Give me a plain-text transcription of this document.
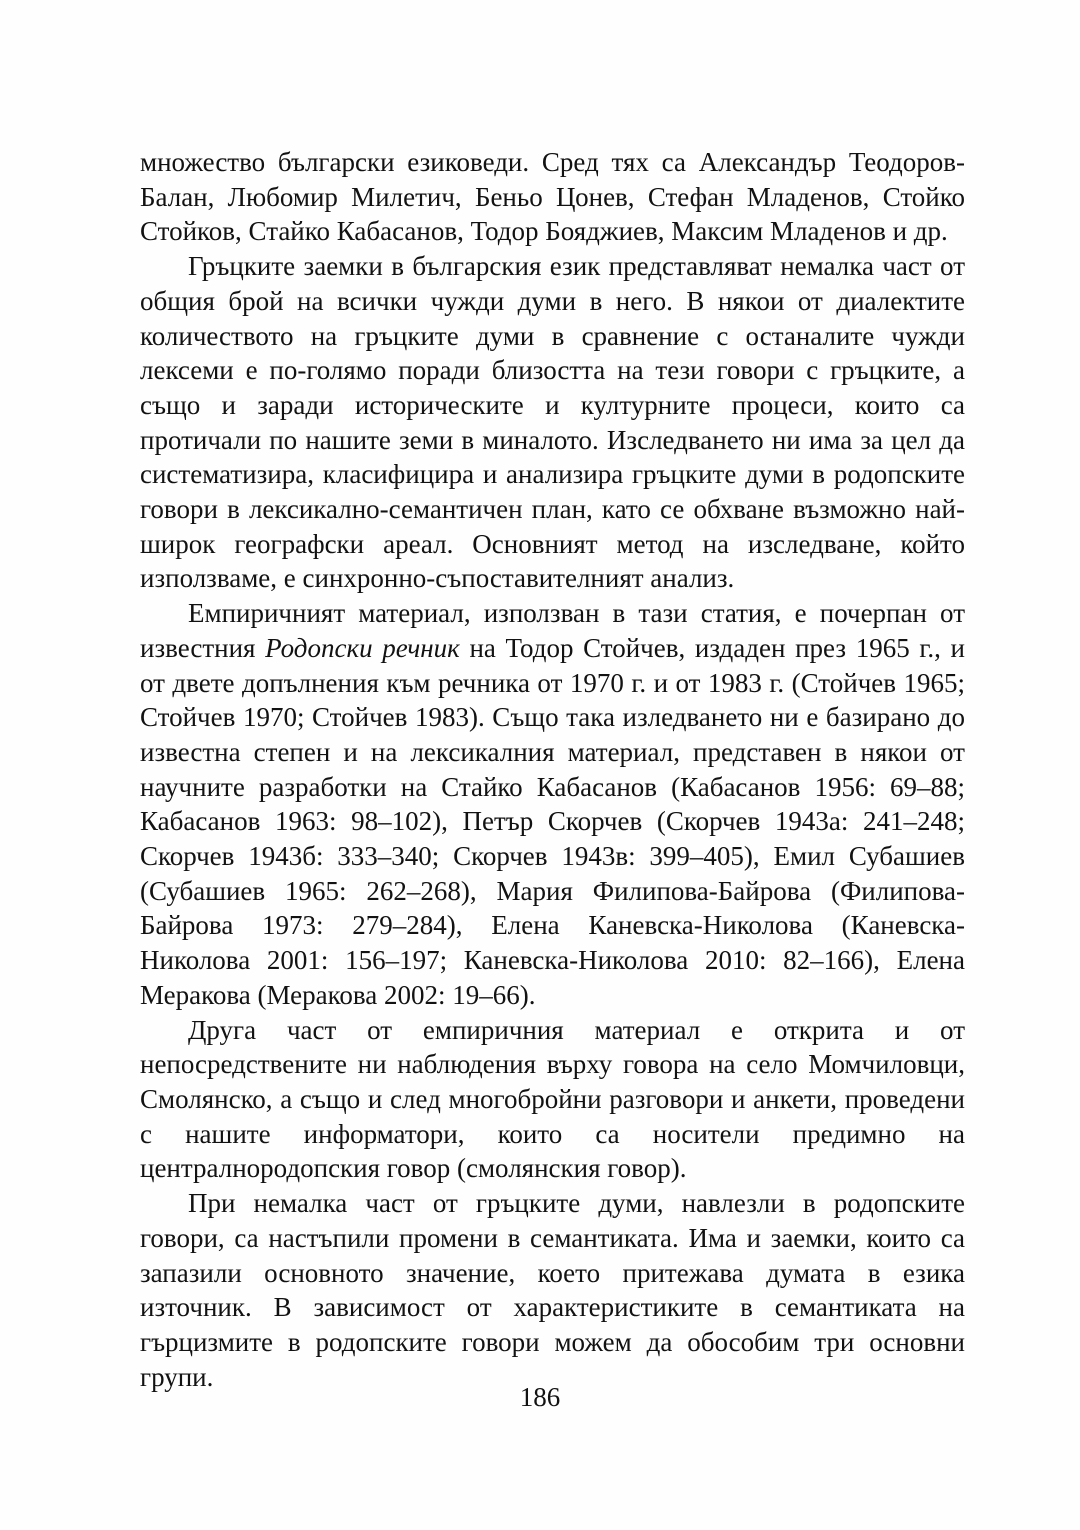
множество български езиковеди. Сред тях са Александър Теодоров-Балан, Любомир Милетич, Беньо Цонев, Стефан Младенов, Стойко Стойков, Стайко Кабасанов, Тодор Бояджиев, Максим Младенов и др.

Гръцките заемки в българския език представляват немалка част от общия брой на всички чужди думи в него. В някои от диалектите количеството на гръцките думи в сравнение с останалите чужди лексеми е по-голямо поради близостта на тези говори с гръцките, а също и заради историческите и културните процеси, които са протичали по нашите земи в миналото. Изследването ни има за цел да систематизира, класифицира и анализира гръцките думи в родопските говори в лексикално-семантичен план, като се обхване възможно най-широк географски ареал. Основният метод на изследване, който използваме, е синхронно-съпоставителният анализ.

Емпиричният материал, използван в тази статия, е почерпан от известния Родопски речник на Тодор Стойчев, издаден през 1965 г., и от двете допълнения към речника от 1970 г. и от 1983 г. (Стойчев 1965; Стойчев 1970; Стойчев 1983). Също така изледването ни е базирано до известна степен и на лексикалния материал, представен в някои от научните разработки на Стайко Кабасанов (Кабасанов 1956: 69–88; Кабасанов 1963: 98–102), Петър Скорчев (Скорчев 1943а: 241–248; Скорчев 1943б: 333–340; Скорчев 1943в: 399–405), Емил Субашиев (Субашиев 1965: 262–268), Мария Филипова-Байрова (Филипова-Байрова 1973: 279–284), Елена Каневска-Николова (Каневска-Николова 2001: 156–197; Каневска-Николова 2010: 82–166), Елена Меракова (Меракова 2002: 19–66).

Друга част от емпиричния материал е открита и от непосредствените ни наблюдения върху говора на село Момчиловци, Смолянско, а също и след многобройни разговори и анкети, проведени с нашите информатори, които са носители предимно на централнородопския говор (смолянския говор).

При немалка част от гръцките думи, навлезли в родопските говори, са настъпили промени в семантиката. Има и заемки, които са запазили основното значение, което притежава думата в езика източник. В зависимост от характеристиките в семантиката на гърцизмите в родопските говори можем да обособим три основни групи.

186
